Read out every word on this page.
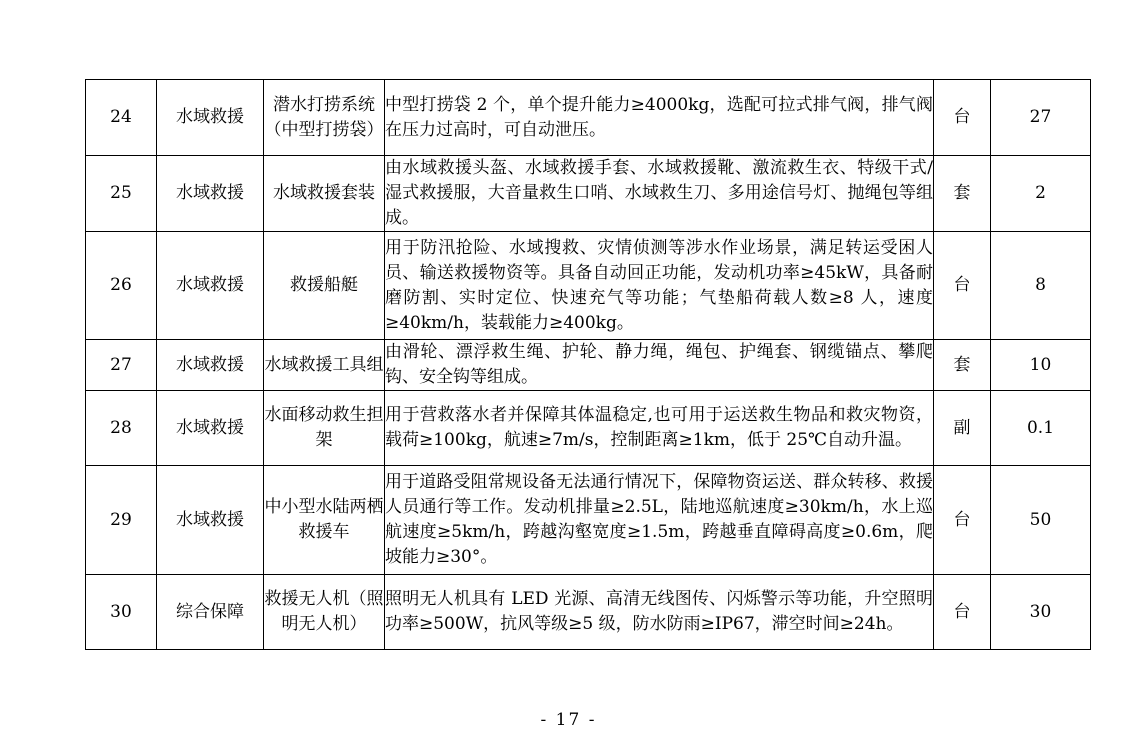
24	水域救援	潜水打捞系统（中型打捞袋）	中型打捞袋 2 个，单个提升能力≥4000kg，选配可拉式排气阀，排气阀在压力过高时，可自动泄压。	台	27
25	水域救援	水域救援套装	由水域救援头盔、水域救援手套、水域救援靴、激流救生衣、特级干式/湿式救援服，大音量救生口哨、水域救生刀、多用途信号灯、抛绳包等组成。	套	2
26	水域救援	救援船艇	用于防汛抢险、水域搜救、灾情侦测等涉水作业场景，满足转运受困人员、输送救援物资等。具备自动回正功能，发动机功率≥45kW，具备耐磨防割、实时定位、快速充气等功能；气垫船荷载人数≥8 人，速度≥40km/h，装载能力≥400kg。	台	8
27	水域救援	水域救援工具组	由滑轮、漂浮救生绳、护轮、静力绳，绳包、护绳套、钢缆锚点、攀爬钩、安全钩等组成。	套	10
28	水域救援	水面移动救生担架	用于营救落水者并保障其体温稳定,也可用于运送救生物品和救灾物资，载荷≥100kg，航速≥7m/s，控制距离≥1km，低于 25℃自动升温。	副	0.1
29	水域救援	中小型水陆两栖救援车	用于道路受阻常规设备无法通行情况下，保障物资运送、群众转移、救援人员通行等工作。发动机排量≥2.5L，陆地巡航速度≥30km/h，水上巡航速度≥5km/h，跨越沟壑宽度≥1.5m，跨越垂直障碍高度≥0.6m，爬坡能力≥30°。	台	50
30	综合保障	救援无人机（照明无人机）	照明无人机具有 LED 光源、高清无线图传、闪烁警示等功能，升空照明功率≥500W，抗风等级≥5 级，防水防雨≥IP67，滞空时间≥24h。	台	30
- 17 -
